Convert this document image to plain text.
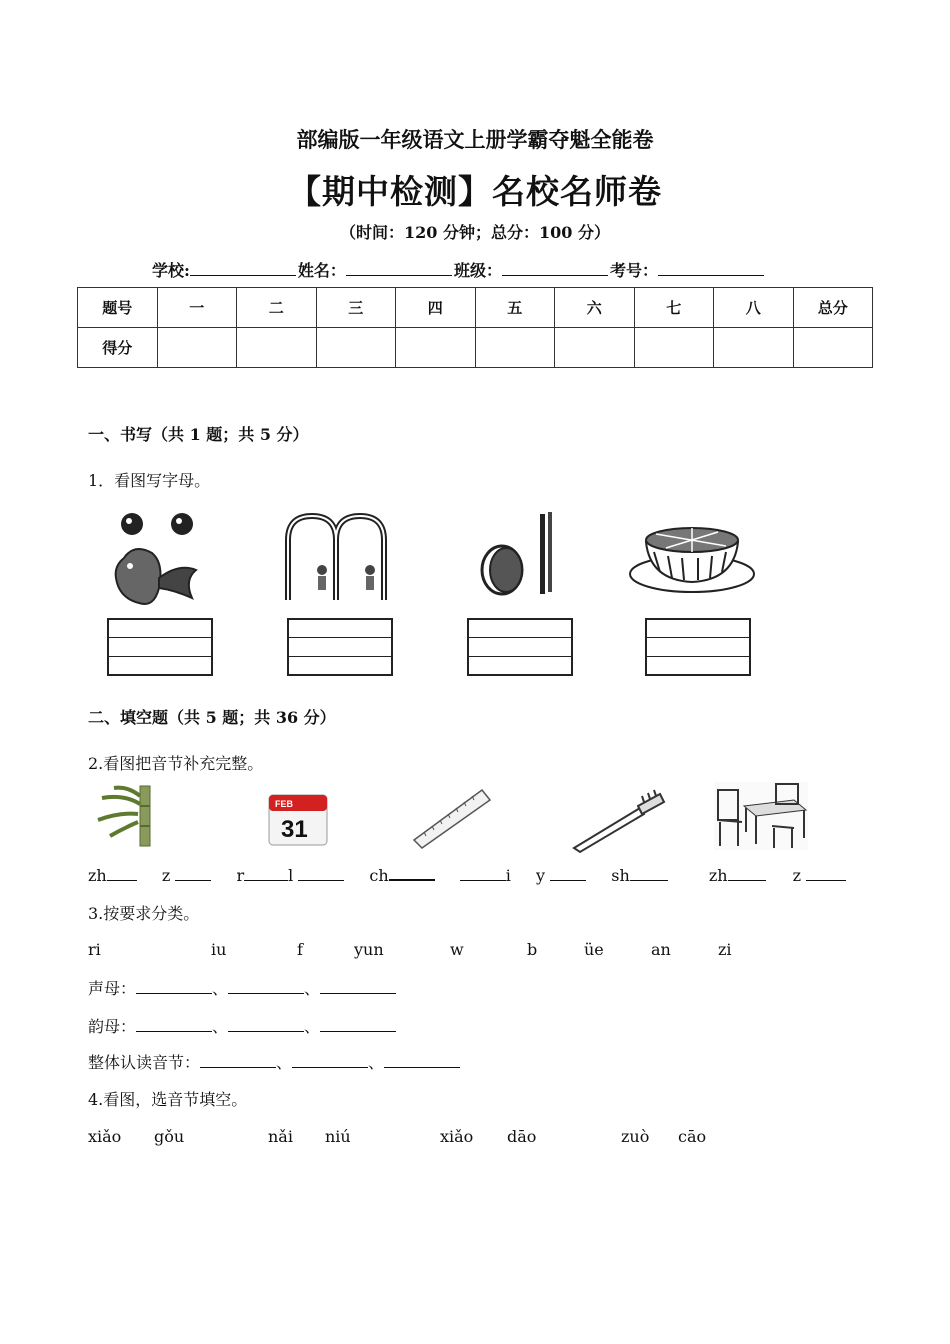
部编版一年级语文上册学霸夺魁全能卷
【期中检测】名校名师卷
（时间：120 分钟；总分：100 分）
学校:	姓名：	班级：	考号：
题号	一	二	三	四	五	六	七	八	总分
得分									
一、书写（共 1 题；共 5 分）
1．看图写字母。
二、填空题（共 5 题；共 36 分）
2.看图把音节补充完整。
FEB
31
zh	z	r	l	ch	i y	sh	zh	z
3.按要求分类。
ri	iu	f	yun	w	b	üe	an	zi
声母：	、	、
韵母：	、	、
整体认读音节：	、	、
4.看图，选音节填空。
xiǎo gǒu	nǎi niú	xiǎo dāo	zuò cāo
